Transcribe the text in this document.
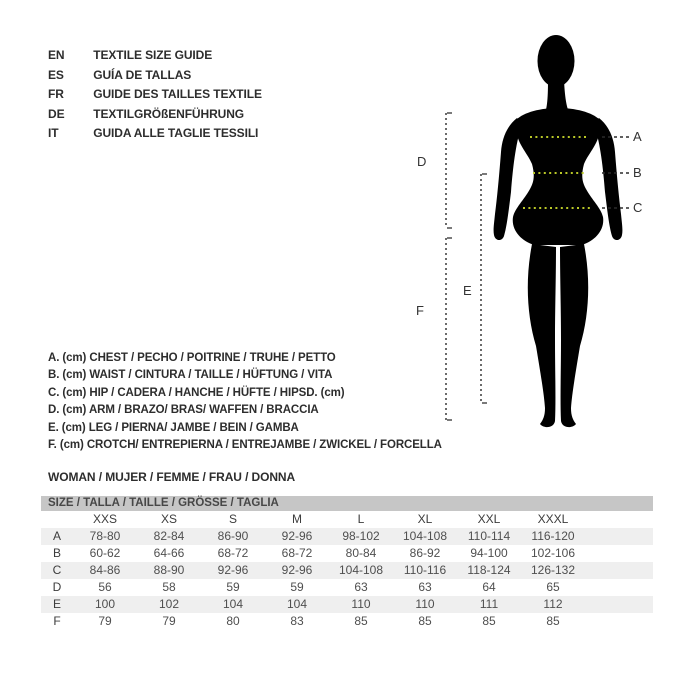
EN TEXTILE SIZE GUIDE
ES GUÍA DE TALLAS
FR GUIDE DES TAILLES TEXTILE
DE TEXTILGRÖßENFÜHRUNG
IT	GUIDA ALLE TAGLIE TESSILI	A
B
C
D
E
F
A. (cm) CHEST / PECHO / POITRINE / TRUHE / PETTO
B. (cm) WAIST / CINTURA / TAILLE / HÜFTUNG / VITA
C. (cm) HIP / CADERA / HANCHE / HÜFTE / HIPSD. (cm)
D. (cm) ARM / BRAZO/ BRAS/ WAFFEN / BRACCIA
E. (cm) LEG / PIERNA/ JAMBE / BEIN / GAMBA
F. (cm) CROTCH/ ENTREPIERNA / ENTREJAMBE / ZWICKEL / FORCELLA
WOMAN / MUJER / FEMME / FRAU / DONNA
SIZE / TALLA / TAILLE / GRÖSSE / TAGLIA
	XXS	XS	S	M	L	XL	XXL	XXXL	
A	78-80	82-84	86-90	92-96	98-102	104-108	110-114	116-120	
B	60-62	64-66	68-72	68-72	80-84	86-92	94-100	102-106	
C	84-86	88-90	92-96	92-96	104-108	110-116	118-124	126-132	
D	56	58	59	59	63	63	64	65	
E	100	102	104	104	110	110	111	112	
F	79	79	80	83	85	85	85	85	
